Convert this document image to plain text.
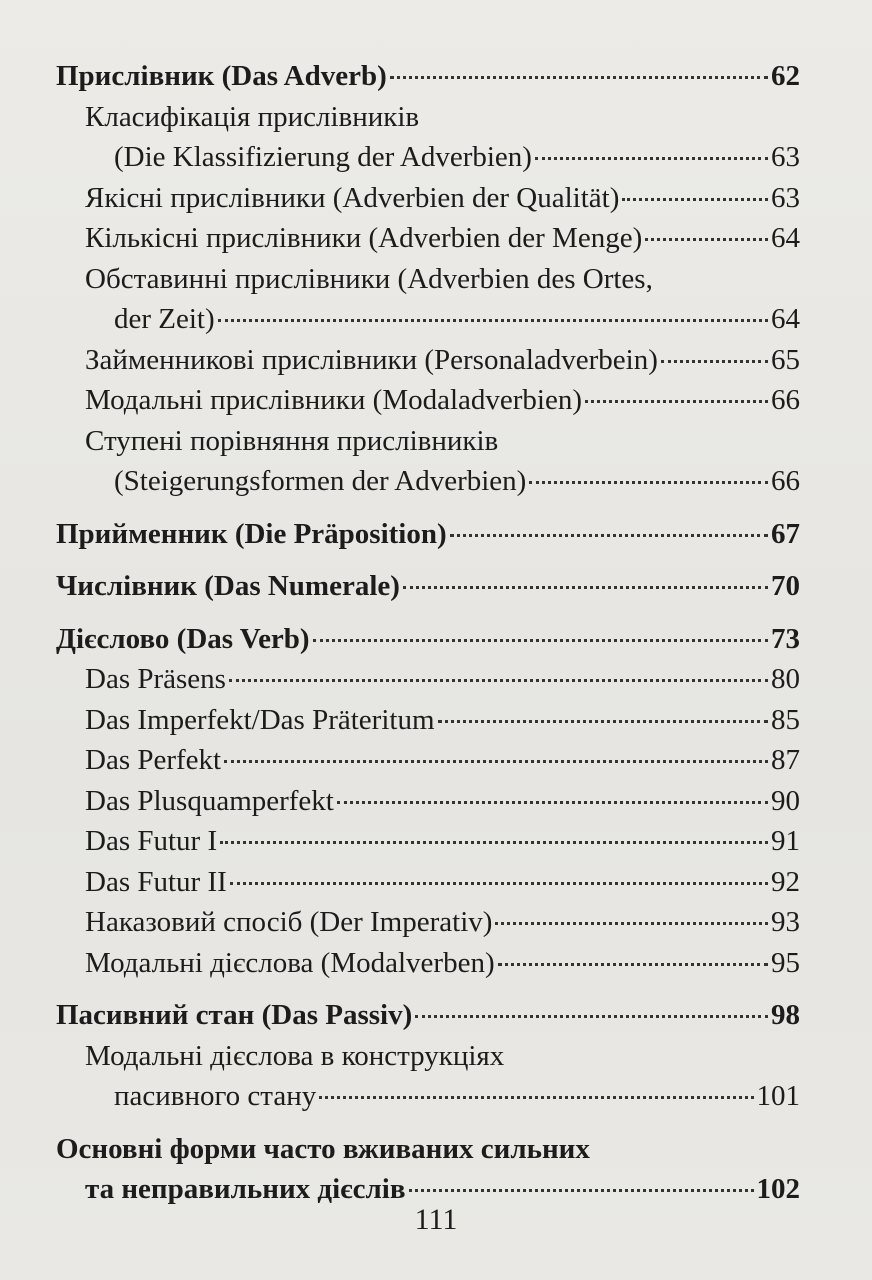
Прислівник (Das Adverb)	62
Класифікація прислівників
(Die Klassifizierung der Adverbien)	63
Якісні прислівники (Adverbien der Qualität)	63
Кількісні прислівники (Adverbien der Menge)	64
Обставинні прислівники (Adverbien des Ortes,
der Zeit)	64
Займенникові прислівники (Personaladverbein)	65
Модальні прислівники (Modaladverbien)	66
Ступені порівняння прислівників
(Steigerungsformen der Adverbien)	66
Прийменник (Die Präposition)	67
Числівник (Das Numerale)	70
Дієслово (Das Verb)	73
Das Präsens	80
Das Imperfekt/Das Präteritum	85
Das Perfekt	87
Das Plusquamperfekt	90
Das Futur I	91
Das Futur II	92
Наказовий спосіб (Der Imperativ)	93
Модальні дієслова (Modalverben)	95
Пасивний стан (Das Passiv)	98
Модальні дієслова в конструкціях
пасивного стану	101
Основні форми часто вживаних сильних
та неправильних дієслів	102
111
